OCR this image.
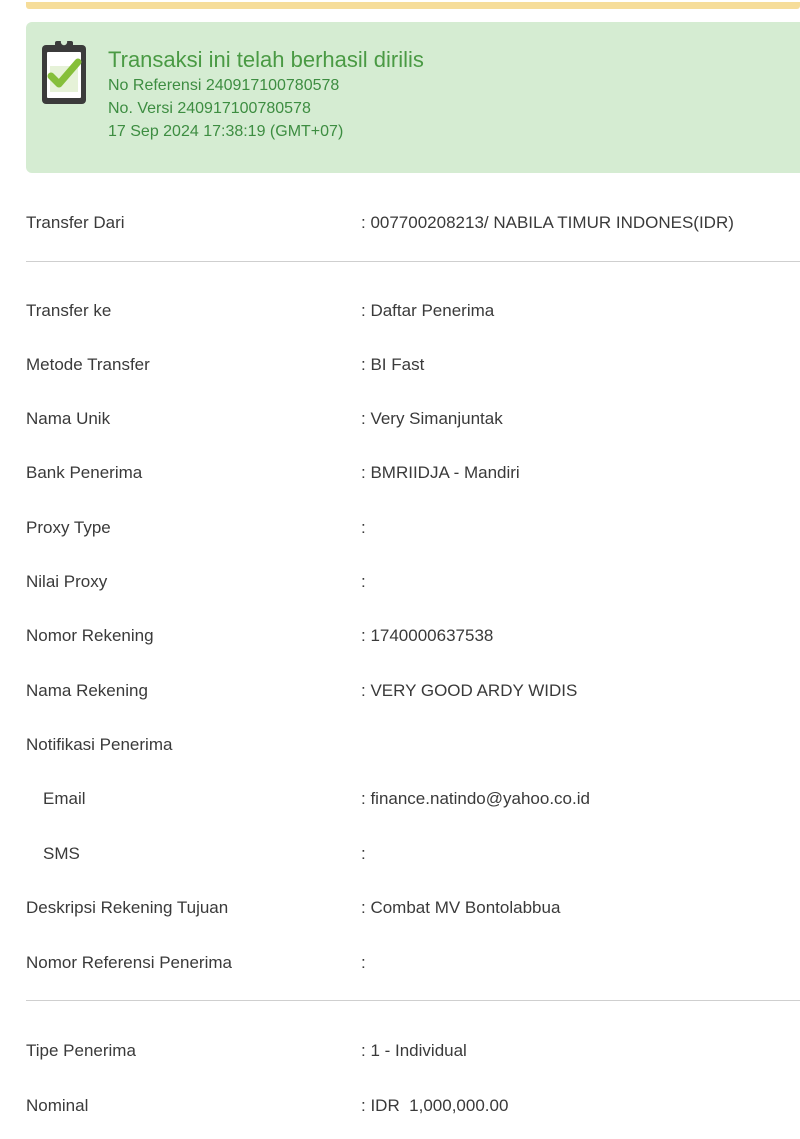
Transaksi ini telah berhasil dirilis
No Referensi 240917100780578
No. Versi 240917100780578
17 Sep 2024 17:38:19 (GMT+07)
Transfer Dari	: 007700208213/ NABILA TIMUR INDONES(IDR)
Transfer ke	: Daftar Penerima
Metode Transfer	: BI Fast
Nama Unik	: Very Simanjuntak
Bank Penerima	: BMRIIDJA - Mandiri
Proxy Type	:
Nilai Proxy	:
Nomor Rekening	: 1740000637538
Nama Rekening	: VERY GOOD ARDY WIDIS
Notifikasi Penerima
Email	: finance.natindo@yahoo.co.id
SMS	:
Deskripsi Rekening Tujuan	: Combat MV Bontolabbua
Nomor Referensi Penerima	:
Tipe Penerima	: 1 - Individual
Nominal	: IDR  1,000,000.00
